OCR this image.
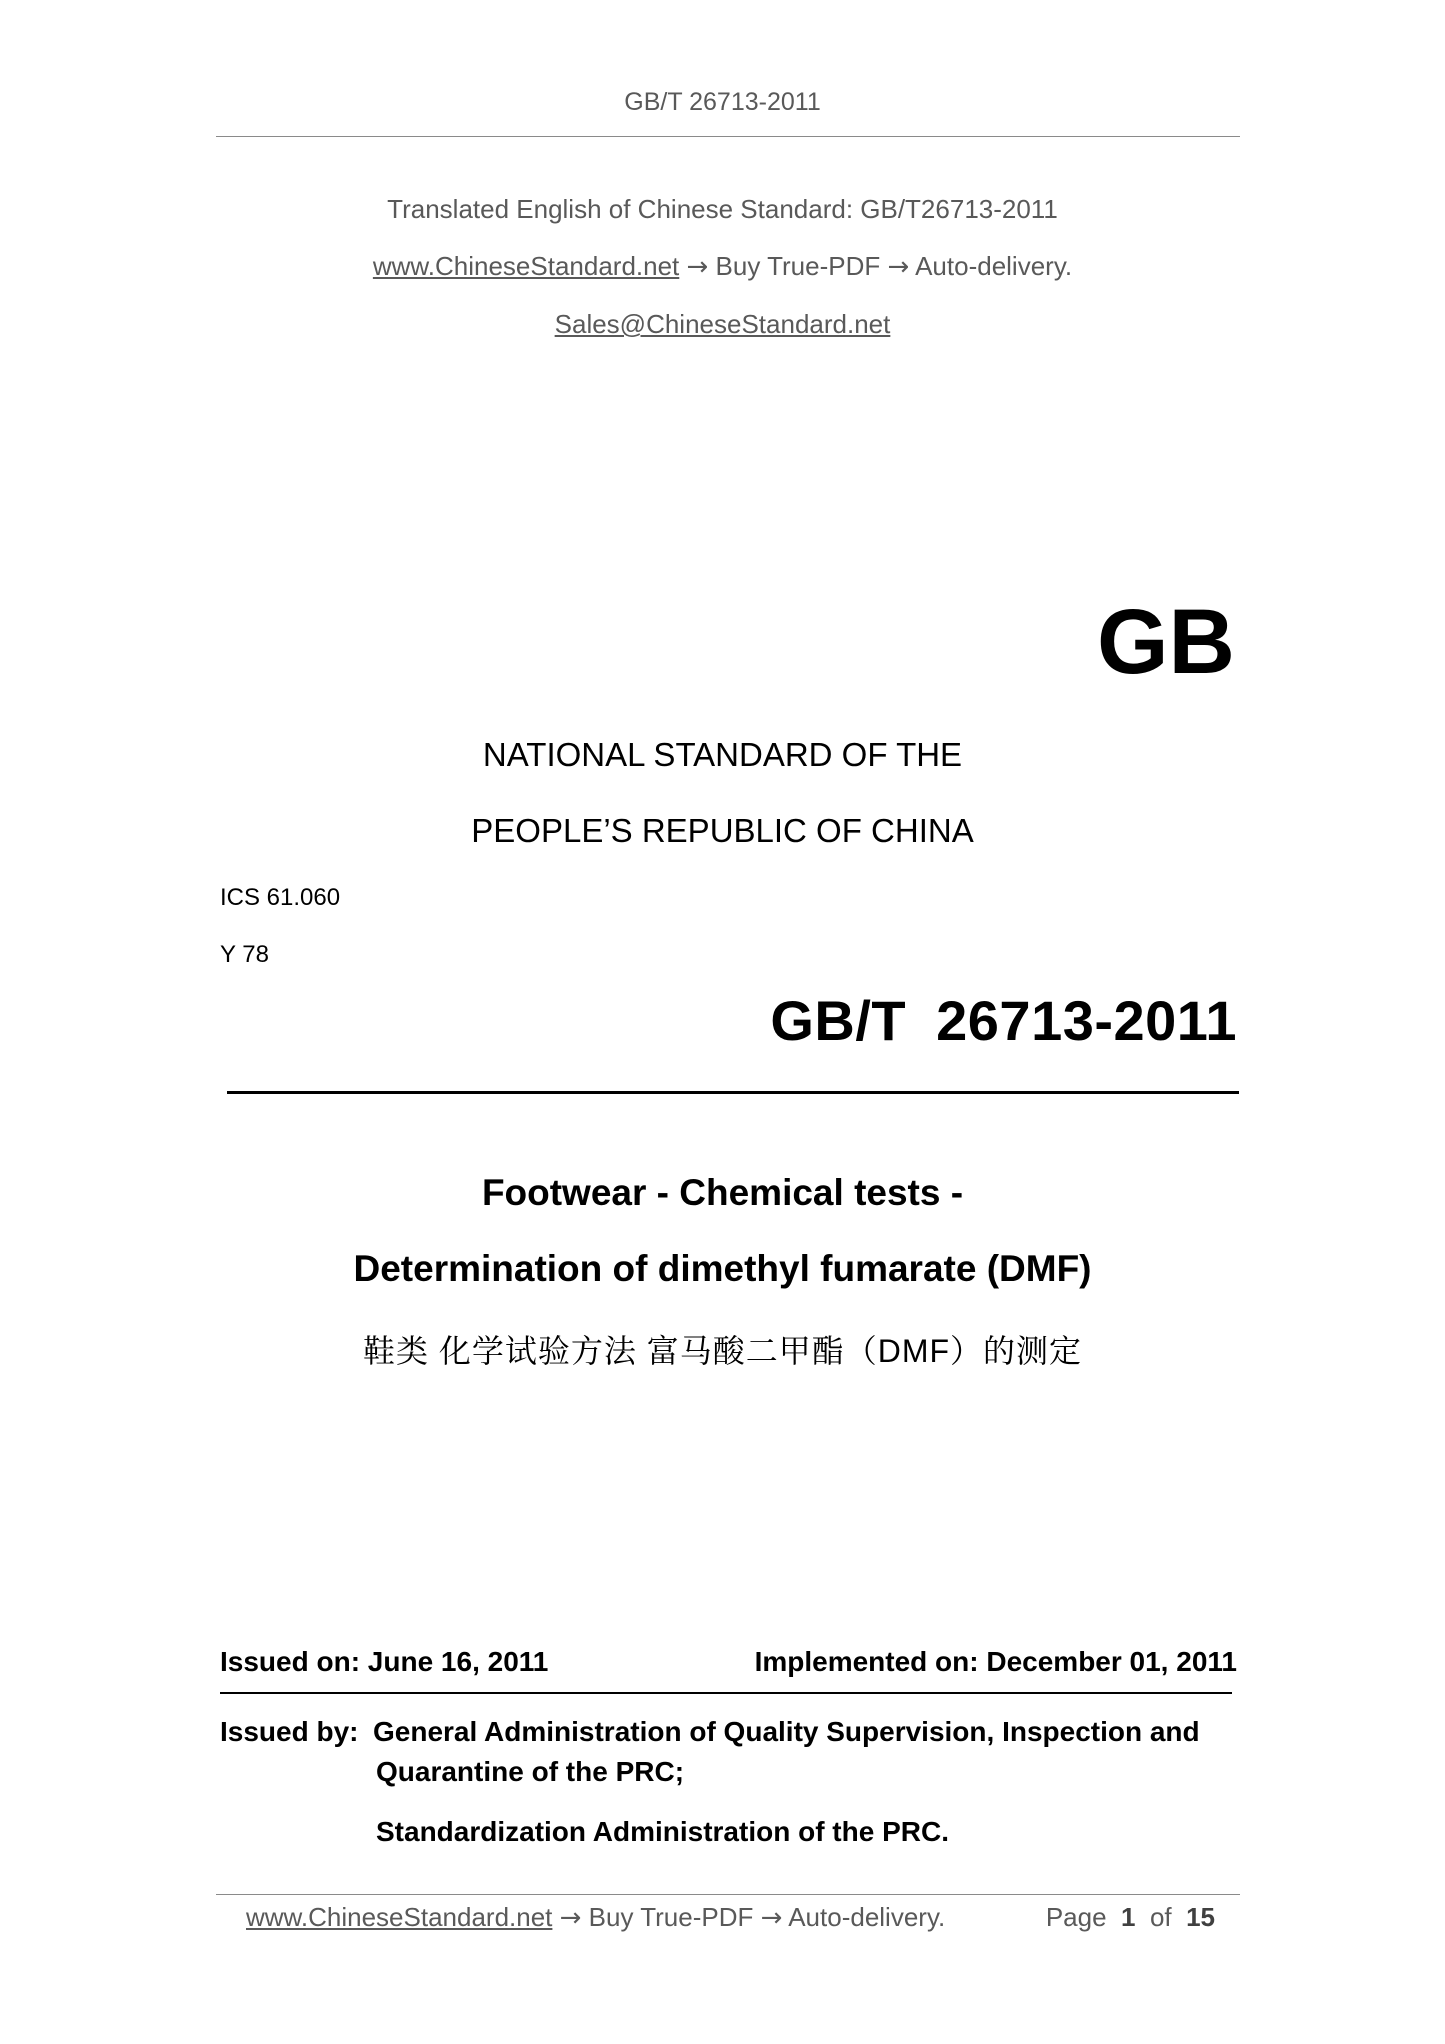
GB/T 26713-2011
Translated English of Chinese Standard: GB/T26713-2011
www.ChineseStandard.net → Buy True-PDF → Auto-delivery.
Sales@ChineseStandard.net
GB
NATIONAL STANDARD OF THE
PEOPLE’S REPUBLIC OF CHINA
ICS 61.060
Y 78
GB/T 26713-2011
Footwear - Chemical tests -
Determination of dimethyl fumarate (DMF)
鞋类 化学试验方法 富马酸二甲酯（DMF）的测定
Issued on: June 16, 2011	Implemented on: December 01, 2011
Issued by: General Administration of Quality Supervision, Inspection and
Quarantine of the PRC;
Standardization Administration of the PRC.
www.ChineseStandard.net → Buy True-PDF → Auto-delivery.	Page 1 of 15
